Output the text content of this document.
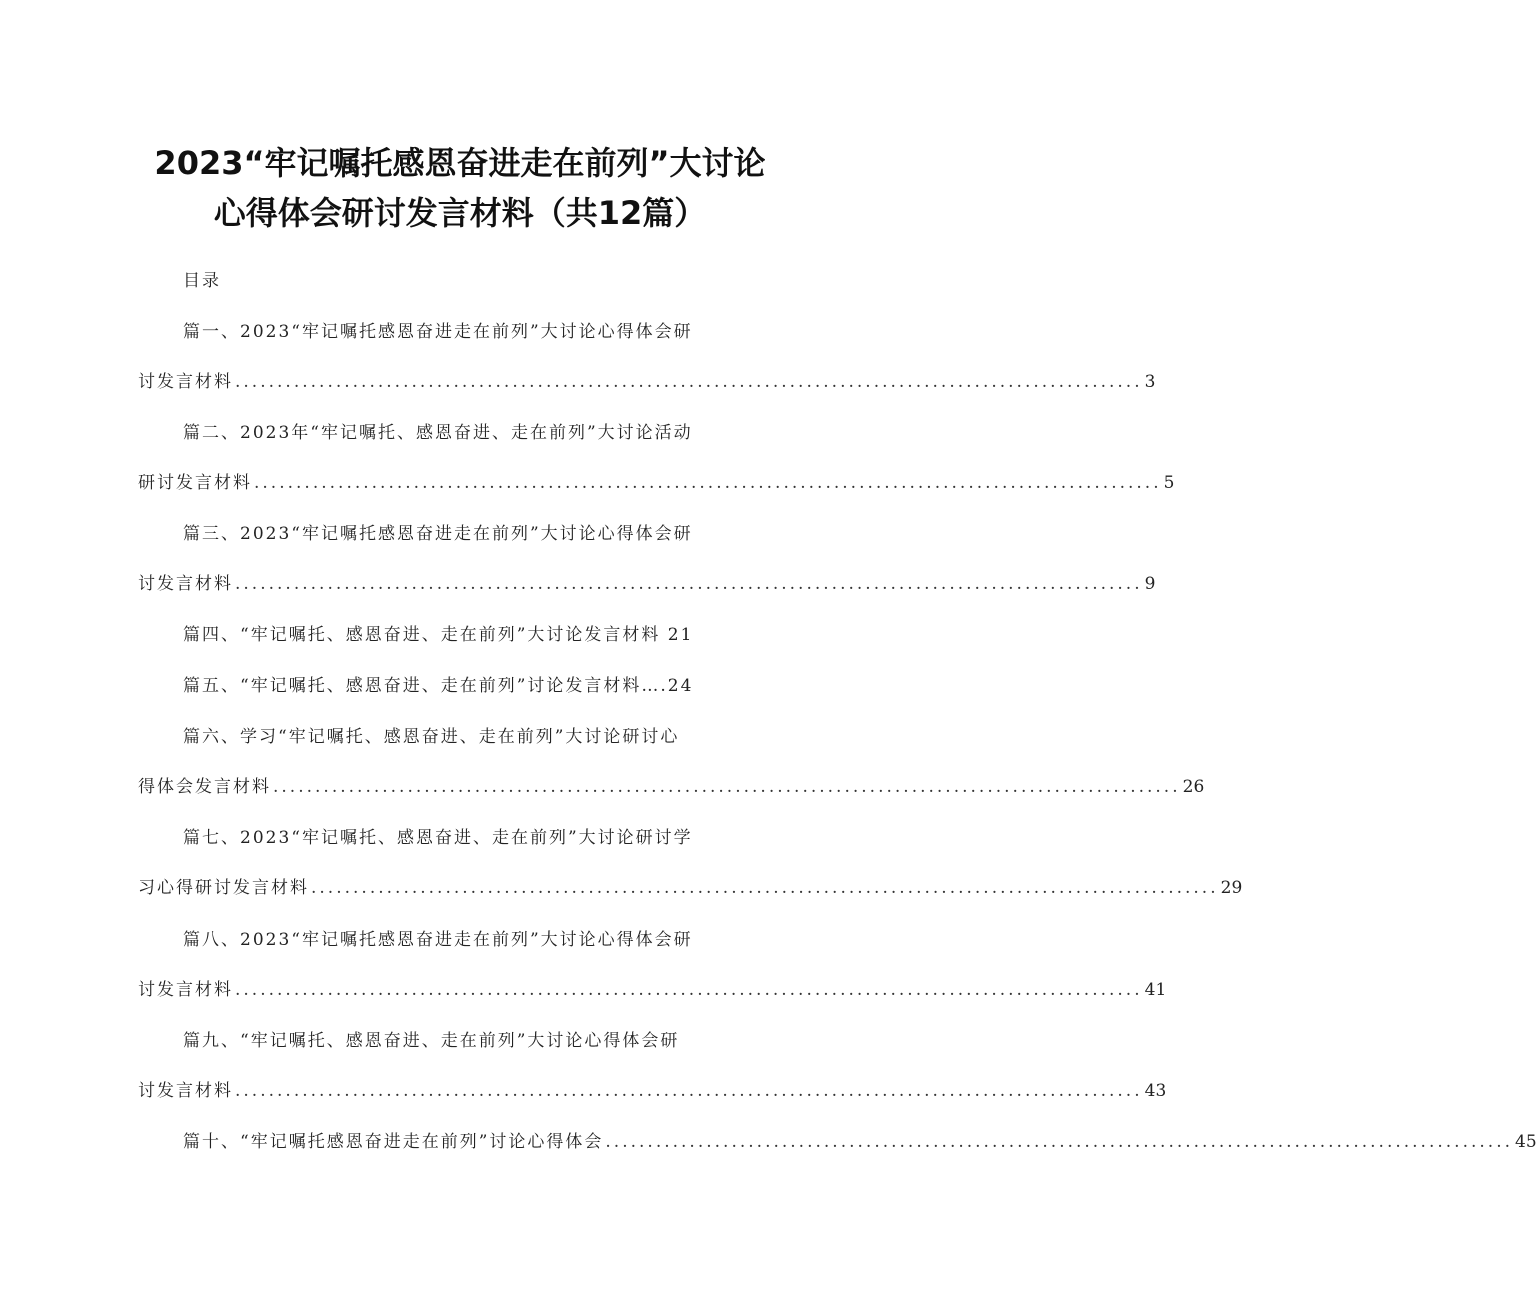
2023“牢记嘱托感恩奋进走在前列”大讨论
心得体会研讨发言材料（共12篇）
目录
篇一、2023“牢记嘱托感恩奋进走在前列”大讨论心得体会研
讨发言材料 ............................................................................................................ 3
篇二、2023年“牢记嘱托、感恩奋进、走在前列”大讨论活动
研讨发言材料 ............................................................................................................ 5
篇三、2023“牢记嘱托感恩奋进走在前列”大讨论心得体会研
讨发言材料 ............................................................................................................ 9
篇四、“牢记嘱托、感恩奋进、走在前列”大讨论发言材料 21
篇五、“牢记嘱托、感恩奋进、走在前列”讨论发言材料….24
篇六、学习“牢记嘱托、感恩奋进、走在前列”大讨论研讨心
得体会发言材料 ............................................................................................................ 26
篇七、2023“牢记嘱托、感恩奋进、走在前列”大讨论研讨学
习心得研讨发言材料 ............................................................................................................ 29
篇八、2023“牢记嘱托感恩奋进走在前列”大讨论心得体会研
讨发言材料 ............................................................................................................ 41
篇九、“牢记嘱托、感恩奋进、走在前列”大讨论心得体会研
讨发言材料 ............................................................................................................ 43
篇十、“牢记嘱托感恩奋进走在前列”讨论心得体会 ............................................................................................................ 45
